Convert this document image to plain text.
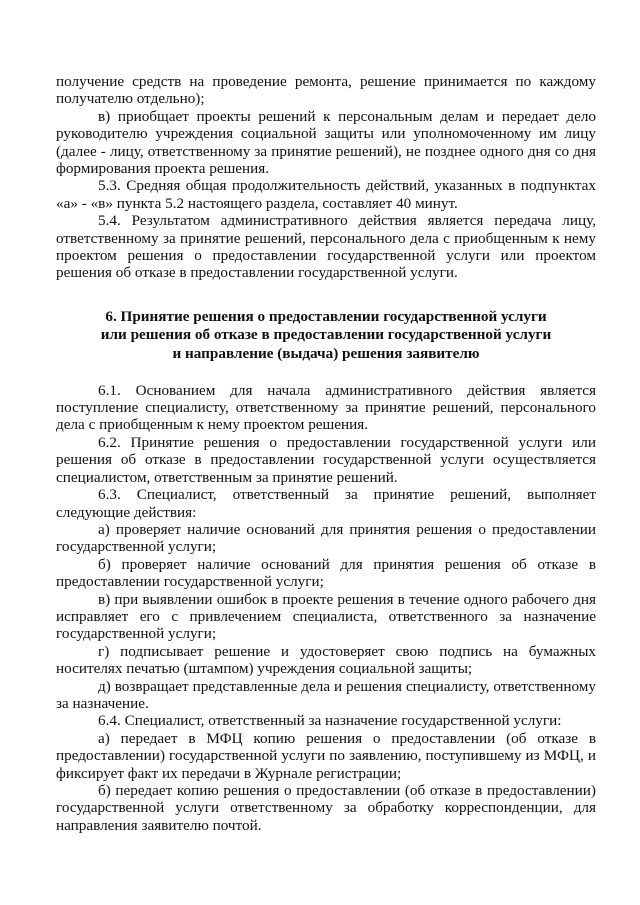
получение средств на проведение ремонта, решение принимается по каждому получателю отдельно);

в) приобщает проекты решений к персональным делам и передает дело руководителю учреждения социальной защиты или уполномоченному им лицу (далее - лицу, ответственному за принятие решений), не позднее одного дня со дня формирования проекта решения.

5.3. Средняя общая продолжительность действий, указанных в подпунктах «а» - «в» пункта 5.2 настоящего раздела, составляет 40 минут.

5.4. Результатом административного действия является передача лицу, ответственному за принятие решений, персонального дела с приобщенным к нему проектом решения о предоставлении государственной услуги или проектом решения об отказе в предоставлении государственной услуги.

6. Принятие решения о предоставлении государственной услуги
или решения об отказе в предоставлении государственной услуги
и направление (выдача) решения заявителю

6.1. Основанием для начала административного действия является поступление специалисту, ответственному за принятие решений, персонального дела с приобщенным к нему проектом решения.

6.2. Принятие решения о предоставлении государственной услуги или решения об отказе в предоставлении государственной услуги осуществляется специалистом, ответственным за принятие решений.

6.3. Специалист, ответственный за принятие решений, выполняет следующие действия:

а) проверяет наличие оснований для принятия решения о предоставлении государственной услуги;

б) проверяет наличие оснований для принятия решения об отказе в предоставлении государственной услуги;

в) при выявлении ошибок в проекте решения в течение одного рабочего дня исправляет его с привлечением специалиста, ответственного за назначение государственной услуги;

г) подписывает решение и удостоверяет свою подпись на бумажных носителях печатью (штампом) учреждения социальной защиты;

д) возвращает представленные дела и решения специалисту, ответственному за назначение.

6.4. Специалист, ответственный за назначение государственной услуги:

а) передает в МФЦ копию решения о предоставлении (об отказе в предоставлении) государственной услуги по заявлению, поступившему из МФЦ, и фиксирует факт их передачи в Журнале регистрации;

б) передает копию решения о предоставлении (об отказе в предоставлении) государственной услуги ответственному за обработку корреспонденции, для направления заявителю почтой.
